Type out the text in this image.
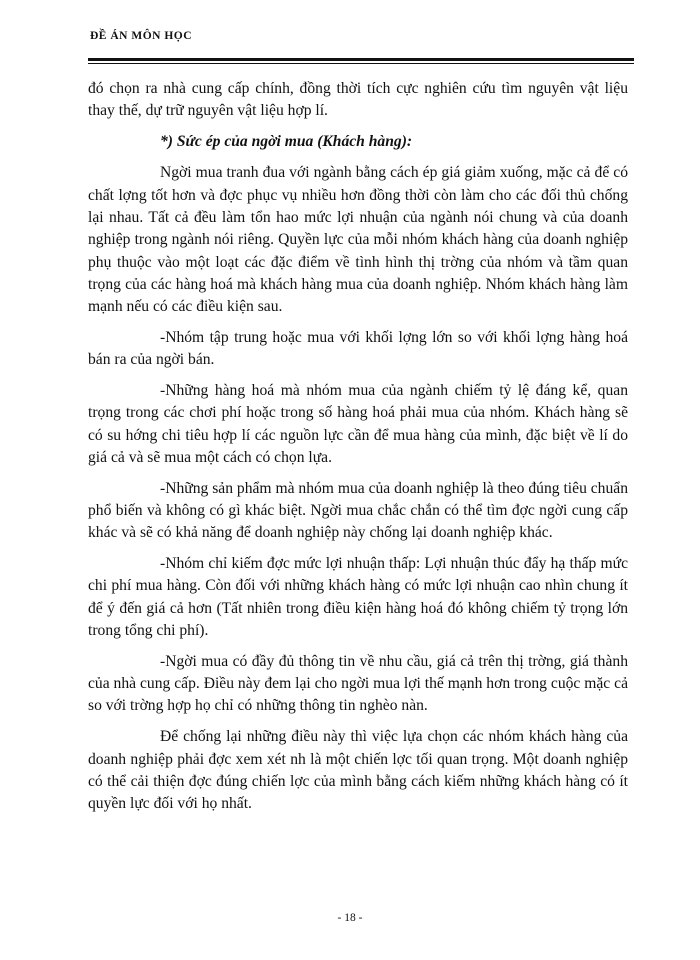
ĐỀ ÁN MÔN HỌC

đó chọn ra nhà cung cấp chính, đồng thời tích cực nghiên cứu tìm nguyên vật liệu thay thế, dự trữ nguyên vật liệu hợp lí.

*) Sức ép của ngời mua (Khách hàng):

Ngời mua tranh đua với ngành bằng cách ép giá giảm xuống, mặc cả để có chất lợng tốt hơn và đợc phục vụ nhiều hơn đồng thời còn làm cho các đối thủ chống lại nhau. Tất cả đều làm tổn hao mức lợi nhuận của ngành nói chung và của doanh nghiệp trong ngành nói riêng. Quyền lực của mỗi nhóm khách hàng của doanh nghiệp phụ thuộc vào một loạt các đặc điểm về tình hình thị trờng của nhóm và tầm quan trọng của các hàng hoá mà khách hàng mua của doanh nghiệp. Nhóm khách hàng làm mạnh nếu có các điều kiện sau.

-Nhóm tập trung hoặc mua với khối lợng lớn so với khối lợng hàng hoá bán ra của ngời bán.

-Những hàng hoá mà nhóm mua của ngành chiếm tỷ lệ đáng kể, quan trọng trong các chơi phí hoặc trong số hàng hoá phải mua của nhóm. Khách hàng sẽ có su hớng chi tiêu hợp lí các nguồn lực cần để mua hàng của mình, đặc biệt về lí do giá cả và sẽ mua một cách có chọn lựa.

-Những sản phẩm mà nhóm mua của doanh nghiệp là theo đúng tiêu chuẩn phổ biến và không có gì khác biệt. Ngời mua chắc chắn có thể tìm đợc ngời cung cấp khác và sẽ có khả năng để doanh nghiệp này chống lại doanh nghiệp khác.

-Nhóm chỉ kiếm đợc mức lợi nhuận thấp: Lợi nhuận thúc đẩy hạ thấp mức chi phí mua hàng. Còn đối với những khách hàng có mức lợi nhuận cao nhìn chung ít để ý đến giá cả hơn (Tất nhiên trong điều kiện hàng hoá đó không chiếm tỷ trọng lớn trong tổng chi phí).

-Ngời mua có đầy đủ thông tin về nhu cầu, giá cả trên thị trờng, giá thành của nhà cung cấp. Điều này đem lại cho ngời mua lợi thế mạnh hơn trong cuộc mặc cả so với trờng hợp họ chỉ có những thông tin nghèo nàn.

Để chống lại những điều này thì việc lựa chọn các nhóm khách hàng của doanh nghiệp phải đợc xem xét nh là một chiến lợc tối quan trọng. Một doanh nghiệp có thể cải thiện đợc đúng chiến lợc của mình bằng cách kiếm những khách hàng có ít quyền lực đối với họ nhất.

- 18 -
